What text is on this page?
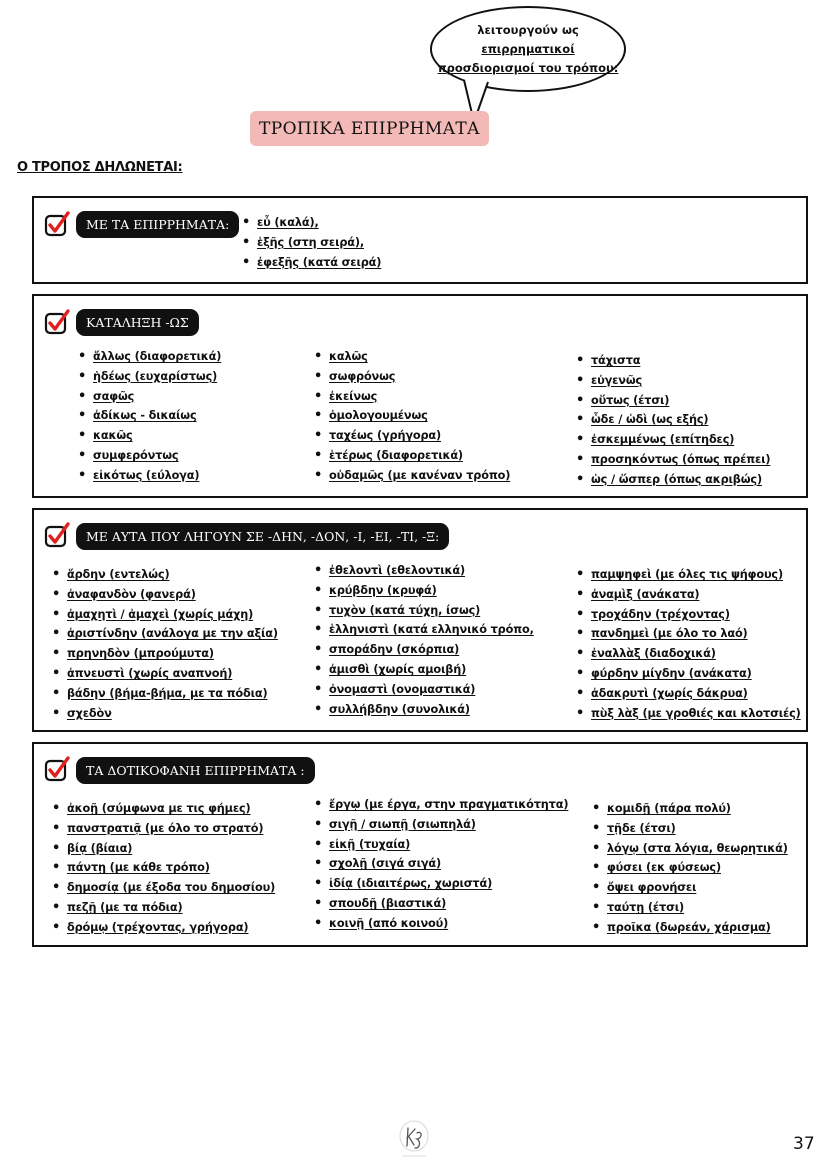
λειτουργούν ως
επιρρηματικοί
προσδιορισμοί του τρόπου:
ΤΡΟΠΙΚΑ ΕΠΙΡΡΗΜΑΤΑ
Ο ΤΡΟΠΟΣ ΔΗΛΩΝΕΤΑΙ:
ΜΕ ΤΑ ΕΠΙΡΡΗΜΑΤΑ:
•	εὖ (καλά),
• ἑξῆς (στη σειρά),
• ἐφεξῆς (κατά σειρά)
ΚΑΤΑΛΗΞΗ -ΩΣ
• ἄλλως (διαφορετικά)
• ἡδέως (ευχαρίστως)
• σαφῶς
• ἀδίκως - δικαίως
• κακῶς
• συμφερόντως
• εἰκότως (εύλογα)
• καλῶς
• σωφρόνως
• ἐκείνως
• ὁμολογουμένως
• ταχέως (γρήγορα)
• ἑτέρως (διαφορετικά)
• οὐδαμῶς (με κανέναν τρόπο)
• τάχιστα
• εὐγενῶς
• οὕτως (έτσι)
• ὧδε / ὡδὶ (ως εξής)
• ἐσκεμμένως (επίτηδες)
• προσηκόντως (όπως πρέπει)
• ὡς / ὥσπερ (όπως ακριβώς)
ΜΕ ΑΥΤΑ ΠΟΥ ΛΗΓΟΥΝ ΣΕ -ΔΗΝ, -ΔΟΝ, -Ι, -ΕΙ, -ΤΙ, -Ξ:
• ἄρδην (εντελώς)
• ἀναφανδὸν (φανερά)
• ἀμαχητὶ / ἀμαχεὶ (χωρίς μάχη)
• ἀριστίνδην (ανάλογα με την αξία)
• πρηνηδὸν (μπρούμυτα)
• ἀπνευστὶ (χωρίς αναπνοή)
• βάδην (βήμα-βήμα, με τα πόδια)
• σχεδὸν
• ἐθελοντὶ (εθελοντικά)
• κρύβδην (κρυφά)
• τυχὸν (κατά τύχη, ίσως)
• ἑλληνιστὶ (κατά ελληνικό τρόπο,
• σποράδην (σκόρπια)
• ἀμισθὶ (χωρίς αμοιβή)
• ὀνομαστὶ (ονομαστικά)
• συλλήβδην (συνολικά)
• παμψηφεὶ (με όλες τις ψήφους)
• ἀναμὶξ (ανάκατα)
• τροχάδην (τρέχοντας)
• πανδημεὶ (με όλο το λαό)
• ἐναλλὰξ (διαδοχικά)
• φύρδην μίγδην (ανάκατα)
• ἀδακρυτὶ (χωρίς δάκρυα)
• πὺξ λὰξ (με γροθιές και κλοτσιές)
ΤΑ ΔΟΤΙΚΟΦΑΝΗ ΕΠΙΡΡΗΜΑΤΑ :
• ἀκοῇ (σύμφωνα με τις φήμες)
• πανστρατιᾷ (με όλο το στρατό)
• βίᾳ (βίαια)
• πάντῃ (με κάθε τρόπο)
• δημοσίᾳ (με έξοδα του δημοσίου)
• πεζῇ (με τα πόδια)
• δρόμῳ (τρέχοντας, γρήγορα)
• ἔργῳ (με έργα, στην πραγματικότητα)
• σιγῇ / σιωπῇ (σιωπηλά)
• εἰκῇ (τυχαία)
• σχολῇ (σιγά σιγά)
• ἰδίᾳ (ιδιαιτέρως, χωριστά)
• σπουδῇ (βιαστικά)
• κοινῇ (από κοινού)
• κομιδῇ (πάρα πολύ)
• τῇδε (έτσι)
• λόγῳ (στα λόγια, θεωρητικά)
• φύσει (εκ φύσεως)
• ὄψει φρονήσει
• ταύτῃ (έτσι)
• προῖκα (δωρεάν, χάρισμα)
37
